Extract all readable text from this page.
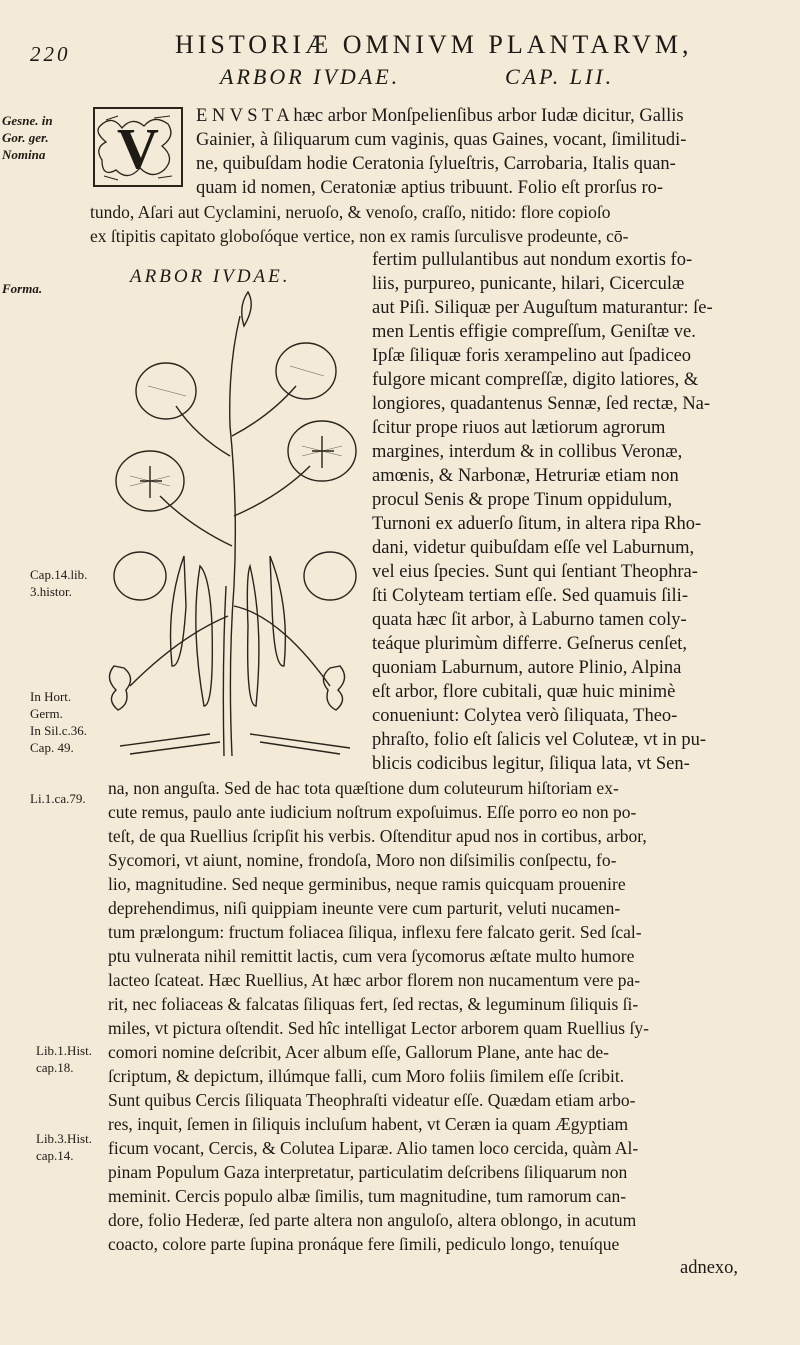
220	HISTORIÆ OMNIVM PLANTARVM,
ARBOR IVDAE.	CAP. LII.
V
ARBOR IVDAE.
Gesne. in
Gor. ger.
Nomina
Forma.
Cap.14.lib.
3.histor.
In Hort.
Germ.
In Sil.c.36.
Cap. 49.
Li.1.ca.79.
Lib.1.Hist.
cap.18.
Lib.3.Hist.
cap.14.
E N V S T A hæc arbor Monſpelienſibus arbor Iudæ dicitur, Gallis
Gainier, à ſiliquarum cum vaginis, quas Gaines, vocant, ſimilitudi-
ne, quibuſdam hodie Ceratonia ſylueſtris, Carrobaria, Italis quan-
quam id nomen, Ceratoniæ aptius tribuunt. Folio eſt prorſus ro-
tundo, Aſari aut Cyclamini, neruoſo, & venoſo, craſſo, nitido: flore copioſo
ex ſtipitis capitato globoſóque vertice, non ex ramis ſurculisve prodeunte, cō-
fertim pullulantibus aut nondum exortis fo-
liis, purpureo, punicante, hilari, Cicerculæ
aut Piſi. Siliquæ per Auguſtum maturantur: ſe-
men Lentis effigie compreſſum, Geniſtæ ve.
Ipſæ ſiliquæ foris xerampelino aut ſpadiceo
fulgore micant compreſſæ, digito latiores, &
longiores, quadantenus Sennæ, ſed rectæ, Na-
ſcitur prope riuos aut lætiorum agrorum
margines, interdum & in collibus Veronæ,
amœnis, & Narbonæ, Hetruriæ etiam non
procul Senis & prope Tinum oppidulum,
Turnoni ex aduerſo ſitum, in altera ripa Rho-
dani, videtur quibuſdam eſſe vel Laburnum,
vel eius ſpecies. Sunt qui ſentiant Theophra-
ſti Colyteam tertiam eſſe. Sed quamuis ſili-
quata hæc ſit arbor, à Laburno tamen coly-
teáque plurimùm differre. Geſnerus cenſet,
quoniam Laburnum, autore Plinio, Alpina
eſt arbor, flore cubitali, quæ huic minimè
conueniunt: Colytea verò ſiliquata, Theo-
phraſto, folio eſt ſalicis vel Coluteæ, vt in pu-
blicis codicibus legitur, ſiliqua lata, vt Sen-
na, non anguſta. Sed de hac tota quæſtione dum coluteurum hiſtoriam ex-
cute remus, paulo ante iudicium noſtrum expoſuimus. Eſſe porro eo non po-
teſt, de qua Ruellius ſcripſit his verbis. Oſtenditur apud nos in cortibus, arbor,
Sycomori, vt aiunt, nomine, frondoſa, Moro non diſsimilis conſpectu, fo-
lio, magnitudine. Sed neque germinibus, neque ramis quicquam prouenire
deprehendimus, niſi quippiam ineunte vere cum parturit, veluti nucamen-
tum prælongum: fructum foliacea ſiliqua, inflexu fere falcato gerit. Sed ſcal-
ptu vulnerata nihil remittit lactis, cum vera ſycomorus æſtate multo humore
lacteo ſcateat. Hæc Ruellius, At hæc arbor florem non nucamentum vere pa-
rit, nec foliaceas & falcatas ſiliquas fert, ſed rectas, & leguminum ſiliquis ſi-
miles, vt pictura oſtendit. Sed hîc intelligat Lector arborem quam Ruellius ſy-
comori nomine deſcribit, Acer album eſſe, Gallorum Plane, ante hac de-
ſcriptum, & depictum, illúmque falli, cum Moro foliis ſimilem eſſe ſcribit.
Sunt quibus Cercis ſiliquata Theophraſti videatur eſſe. Quædam etiam arbo-
res, inquit, ſemen in ſiliquis incluſum habent, vt Ceræn ia quam Ægyptiam
ficum vocant, Cercis, & Colutea Liparæ. Alio tamen loco cercida, quàm Al-
pinam Populum Gaza interpretatur, particulatim deſcribens ſiliquarum non
meminit. Cercis populo albæ ſimilis, tum magnitudine, tum ramorum can-
dore, folio Hederæ, ſed parte altera non anguloſo, altera oblongo, in acutum
coacto, colore parte ſupina pronáque fere ſimili, pediculo longo, tenuíque
adnexo,
